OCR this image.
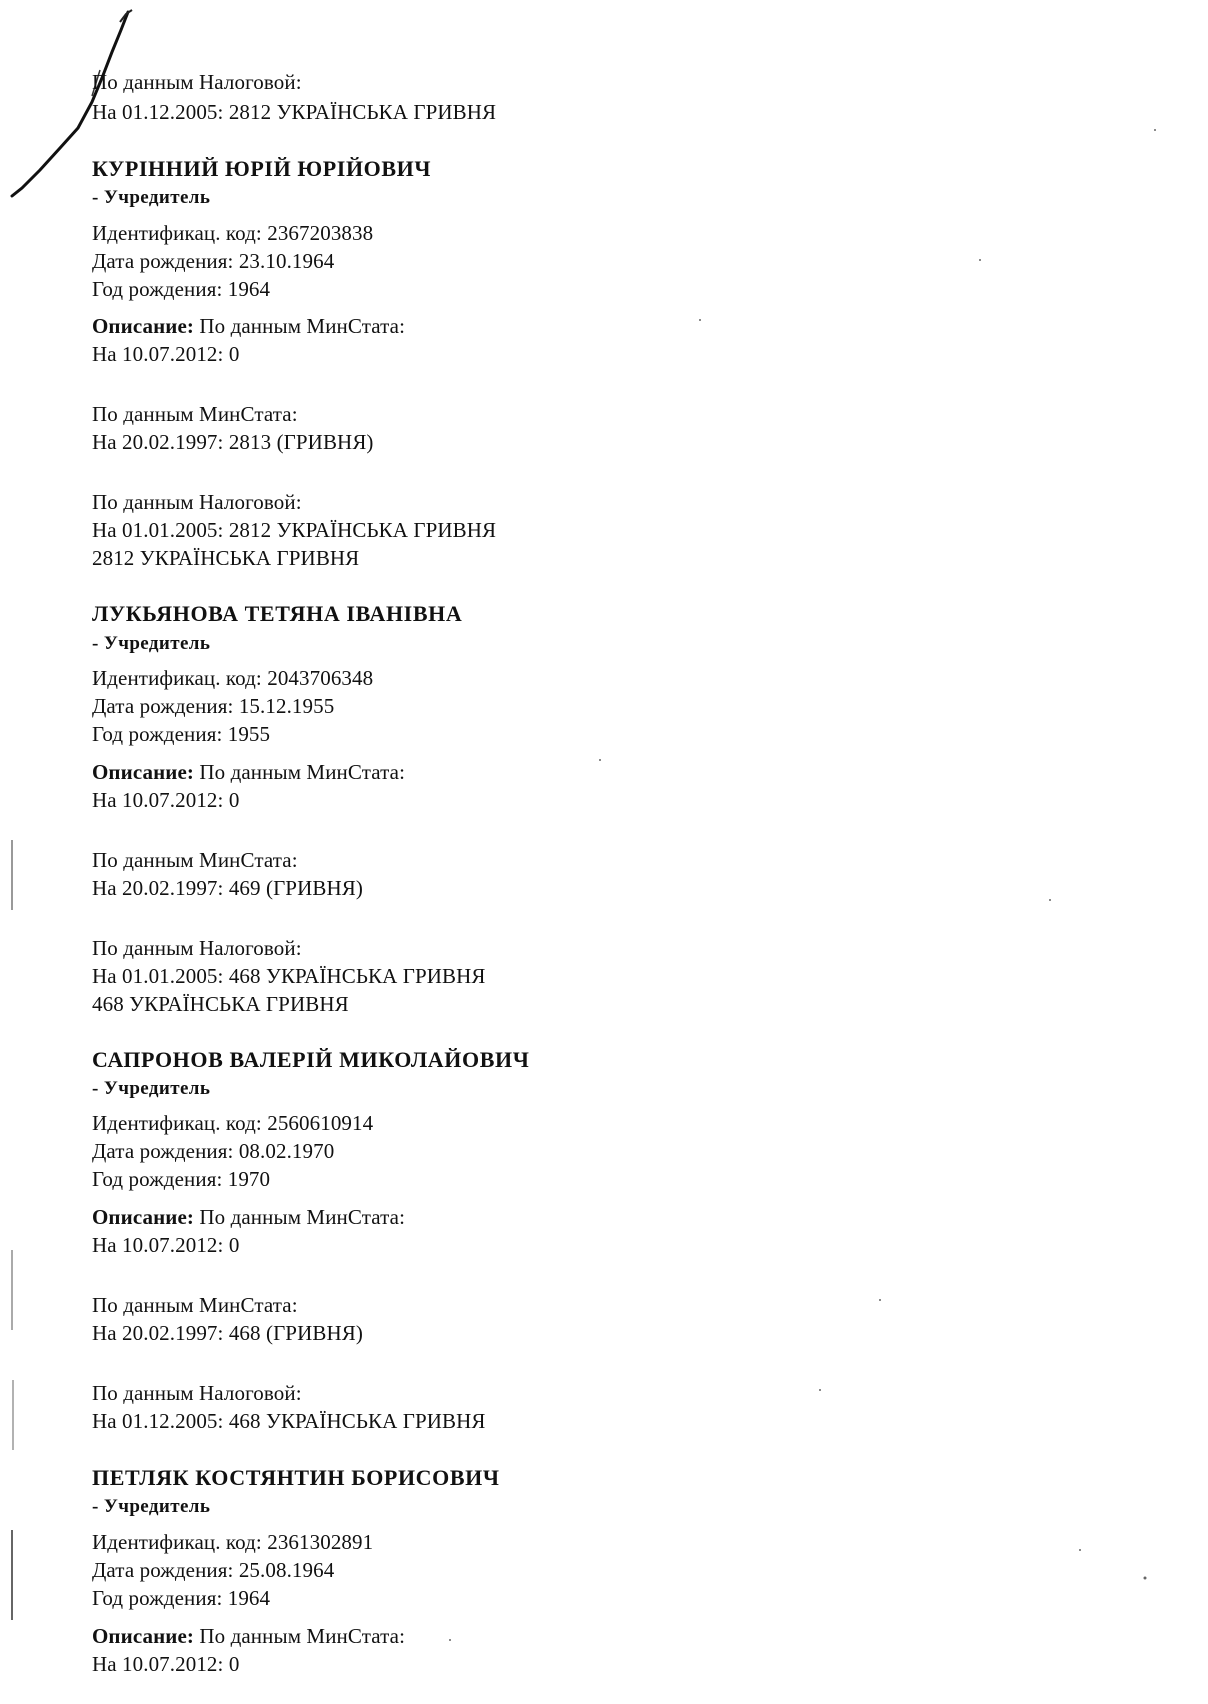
По данным Налоговой:
На 01.12.2005: 2812 УКРАЇНСЬКА ГРИВНЯ
КУРІННИЙ ЮРІЙ ЮРІЙОВИЧ
- Учредитель
Идентификац. код: 2367203838
Дата рождения: 23.10.1964
Год рождения: 1964
Описание: По данным МинСтата:
На 10.07.2012: 0
По данным МинСтата:
На 20.02.1997: 2813 (ГРИВНЯ)
По данным Налоговой:
На 01.01.2005: 2812 УКРАЇНСЬКА ГРИВНЯ
2812 УКРАЇНСЬКА ГРИВНЯ
ЛУКЬЯНОВА ТЕТЯНА ІВАНІВНА
- Учредитель
Идентификац. код: 2043706348
Дата рождения: 15.12.1955
Год рождения: 1955
Описание: По данным МинСтата:
На 10.07.2012: 0
По данным МинСтата:
На 20.02.1997: 469 (ГРИВНЯ)
По данным Налоговой:
На 01.01.2005: 468 УКРАЇНСЬКА ГРИВНЯ
468 УКРАЇНСЬКА ГРИВНЯ
САПРОНОВ ВАЛЕРІЙ МИКОЛАЙОВИЧ
- Учредитель
Идентификац. код: 2560610914
Дата рождения: 08.02.1970
Год рождения: 1970
Описание: По данным МинСтата:
На 10.07.2012: 0
По данным МинСтата:
На 20.02.1997: 468 (ГРИВНЯ)
По данным Налоговой:
На 01.12.2005: 468 УКРАЇНСЬКА ГРИВНЯ
ПЕТЛЯК КОСТЯНТИН БОРИСОВИЧ
- Учредитель
Идентификац. код: 2361302891
Дата рождения: 25.08.1964
Год рождения: 1964
Описание: По данным МинСтата:
На 10.07.2012: 0
